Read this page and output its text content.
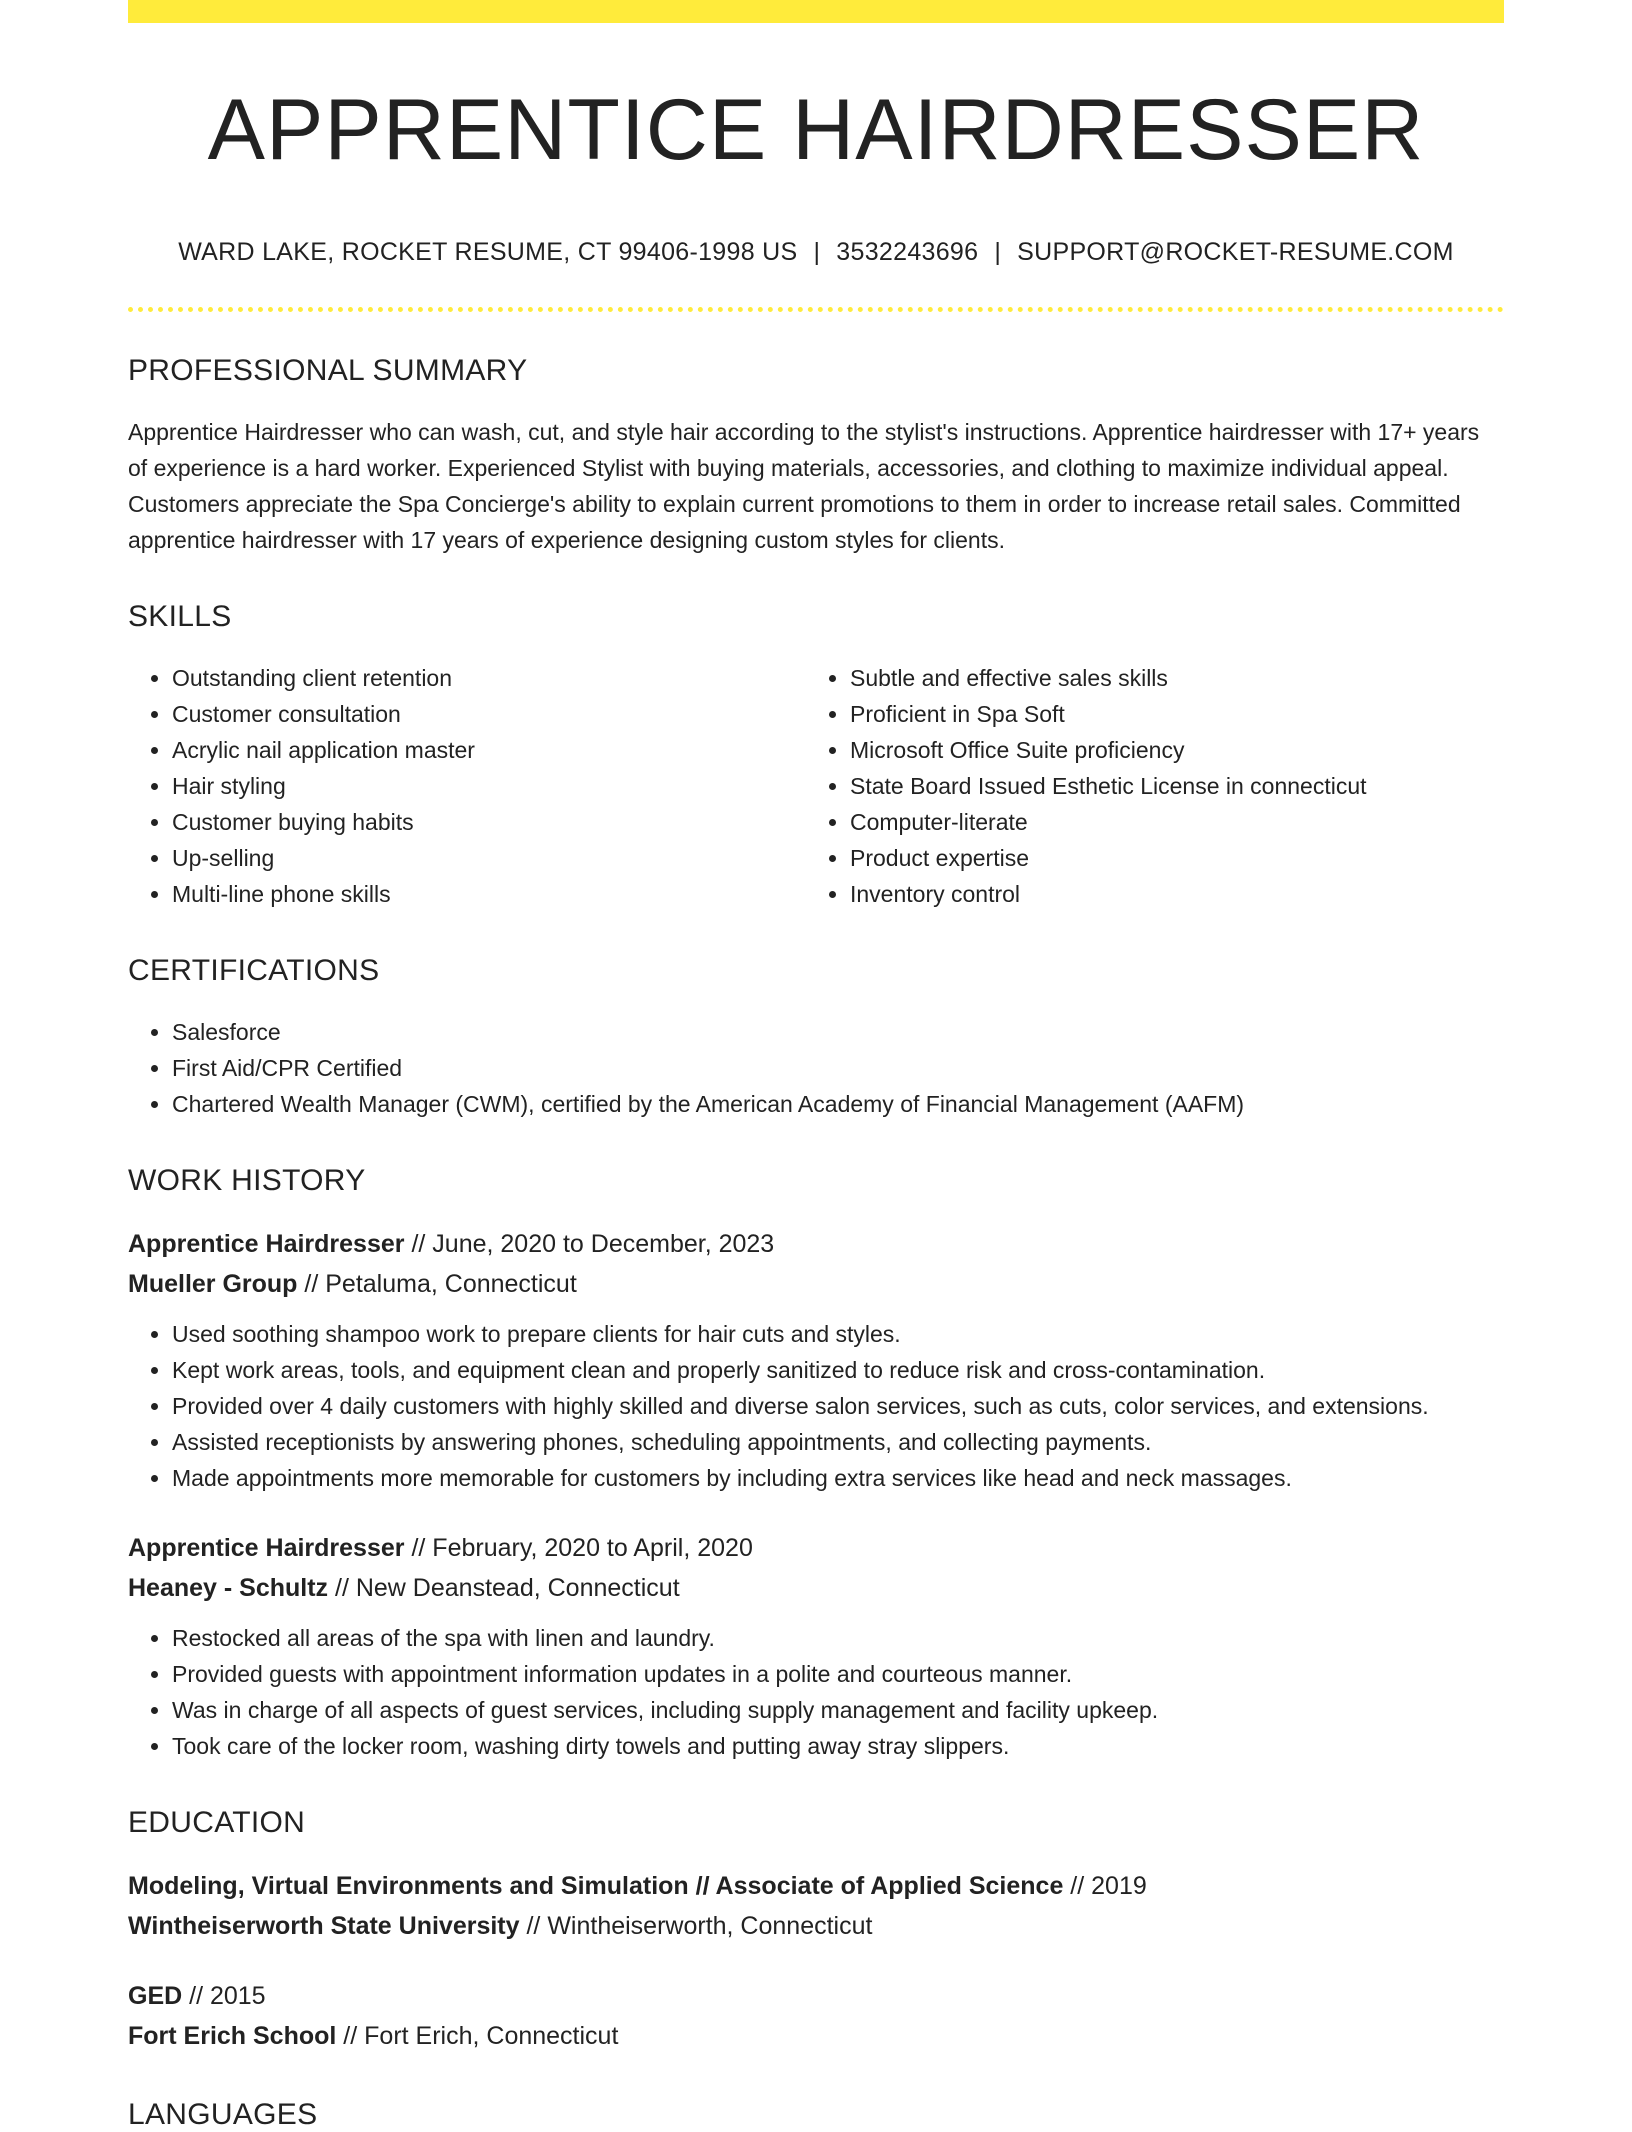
APPRENTICE HAIRDRESSER
WARD LAKE, ROCKET RESUME, CT 99406-1998 US | 3532243696 | SUPPORT@ROCKET-RESUME.COM
PROFESSIONAL SUMMARY

Apprentice Hairdresser who can wash, cut, and style hair according to the stylist's instructions. Apprentice hairdresser with 17+ years of experience is a hard worker. Experienced Stylist with buying materials, accessories, and clothing to maximize individual appeal. Customers appreciate the Spa Concierge's ability to explain current promotions to them in order to increase retail sales. Committed apprentice hairdresser with 17 years of experience designing custom styles for clients.

SKILLS
• Outstanding client retention
• Customer consultation
• Acrylic nail application master
• Hair styling
• Customer buying habits
• Up-selling
• Multi-line phone skills
• Subtle and effective sales skills
• Proficient in Spa Soft
• Microsoft Office Suite proficiency
• State Board Issued Esthetic License in connecticut
• Computer-literate
• Product expertise
• Inventory control
CERTIFICATIONS
• Salesforce
• First Aid/CPR Certified
• Chartered Wealth Manager (CWM), certified by the American Academy of Financial Management (AAFM)
WORK HISTORY
Apprentice Hairdresser // June, 2020 to December, 2023
Mueller Group // Petaluma, Connecticut
• Used soothing shampoo work to prepare clients for hair cuts and styles.
• Kept work areas, tools, and equipment clean and properly sanitized to reduce risk and cross-contamination.
• Provided over 4 daily customers with highly skilled and diverse salon services, such as cuts, color services, and extensions.
• Assisted receptionists by answering phones, scheduling appointments, and collecting payments.
• Made appointments more memorable for customers by including extra services like head and neck massages.
Apprentice Hairdresser // February, 2020 to April, 2020
Heaney - Schultz // New Deanstead, Connecticut
• Restocked all areas of the spa with linen and laundry.
• Provided guests with appointment information updates in a polite and courteous manner.
• Was in charge of all aspects of guest services, including supply management and facility upkeep.
• Took care of the locker room, washing dirty towels and putting away stray slippers.
EDUCATION
Modeling, Virtual Environments and Simulation // Associate of Applied Science // 2019
Wintheiserworth State University // Wintheiserworth, Connecticut
GED // 2015
Fort Erich School // Fort Erich, Connecticut
LANGUAGES
